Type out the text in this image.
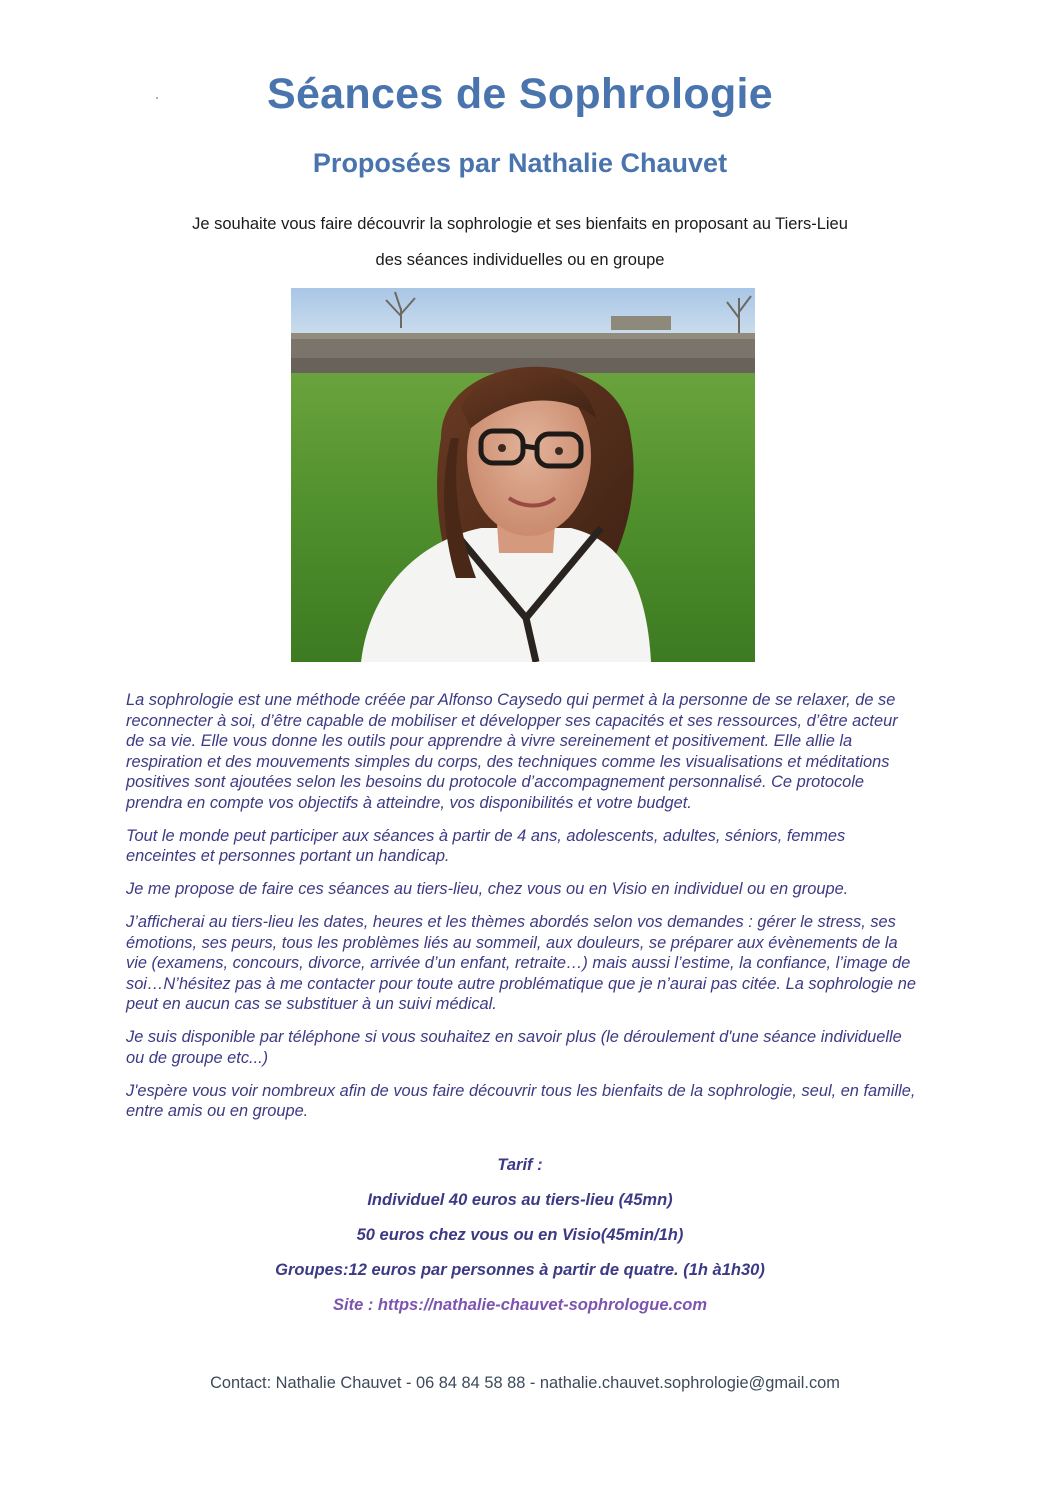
Séances de Sophrologie
Proposées par Nathalie Chauvet
Je souhaite vous faire découvrir la sophrologie et ses bienfaits en proposant au Tiers-Lieu
des séances individuelles ou en groupe

La sophrologie est une méthode créée par Alfonso Caysedo qui permet à la personne de se relaxer, de se reconnecter à soi, d’être capable de mobiliser et développer ses capacités et ses ressources, d’être acteur de sa vie. Elle vous donne les outils pour apprendre à vivre sereinement et positivement. Elle allie la respiration et des mouvements simples du corps, des techniques comme les visualisations et méditations positives sont ajoutées selon les besoins du protocole d’accompagnement personnalisé. Ce protocole prendra en compte vos objectifs à atteindre, vos disponibilités et votre budget.

Tout le monde peut participer aux séances à partir de 4 ans, adolescents, adultes, séniors, femmes enceintes et personnes portant un handicap.

Je me propose de faire ces séances au tiers-lieu, chez vous ou en Visio en individuel ou en groupe.

J’afficherai au tiers-lieu les dates, heures et les thèmes abordés selon vos demandes : gérer le stress, ses émotions, ses peurs, tous les problèmes liés au sommeil, aux douleurs, se préparer aux évènements de la vie (examens, concours, divorce, arrivée d’un enfant, retraite…) mais aussi l’estime, la confiance, l’image de soi…N’hésitez pas à me contacter pour toute autre problématique que je n’aurai pas citée. La sophrologie ne peut en aucun cas se substituer à un suivi médical.

Je suis disponible par téléphone si vous souhaitez en savoir plus (le déroulement d'une séance individuelle ou de groupe etc...)

J'espère vous voir nombreux afin de vous faire découvrir tous les bienfaits de la sophrologie, seul, en famille, entre amis ou en groupe.

Tarif :
Individuel 40 euros au tiers-lieu (45mn)
50 euros chez vous ou en Visio(45min/1h)
Groupes:12 euros par personnes à partir de quatre. (1h à1h30)
Site : https://nathalie-chauvet-sophrologue.com
Contact: Nathalie Chauvet - 06 84 84 58 88 - nathalie.chauvet.sophrologie@gmail.com
